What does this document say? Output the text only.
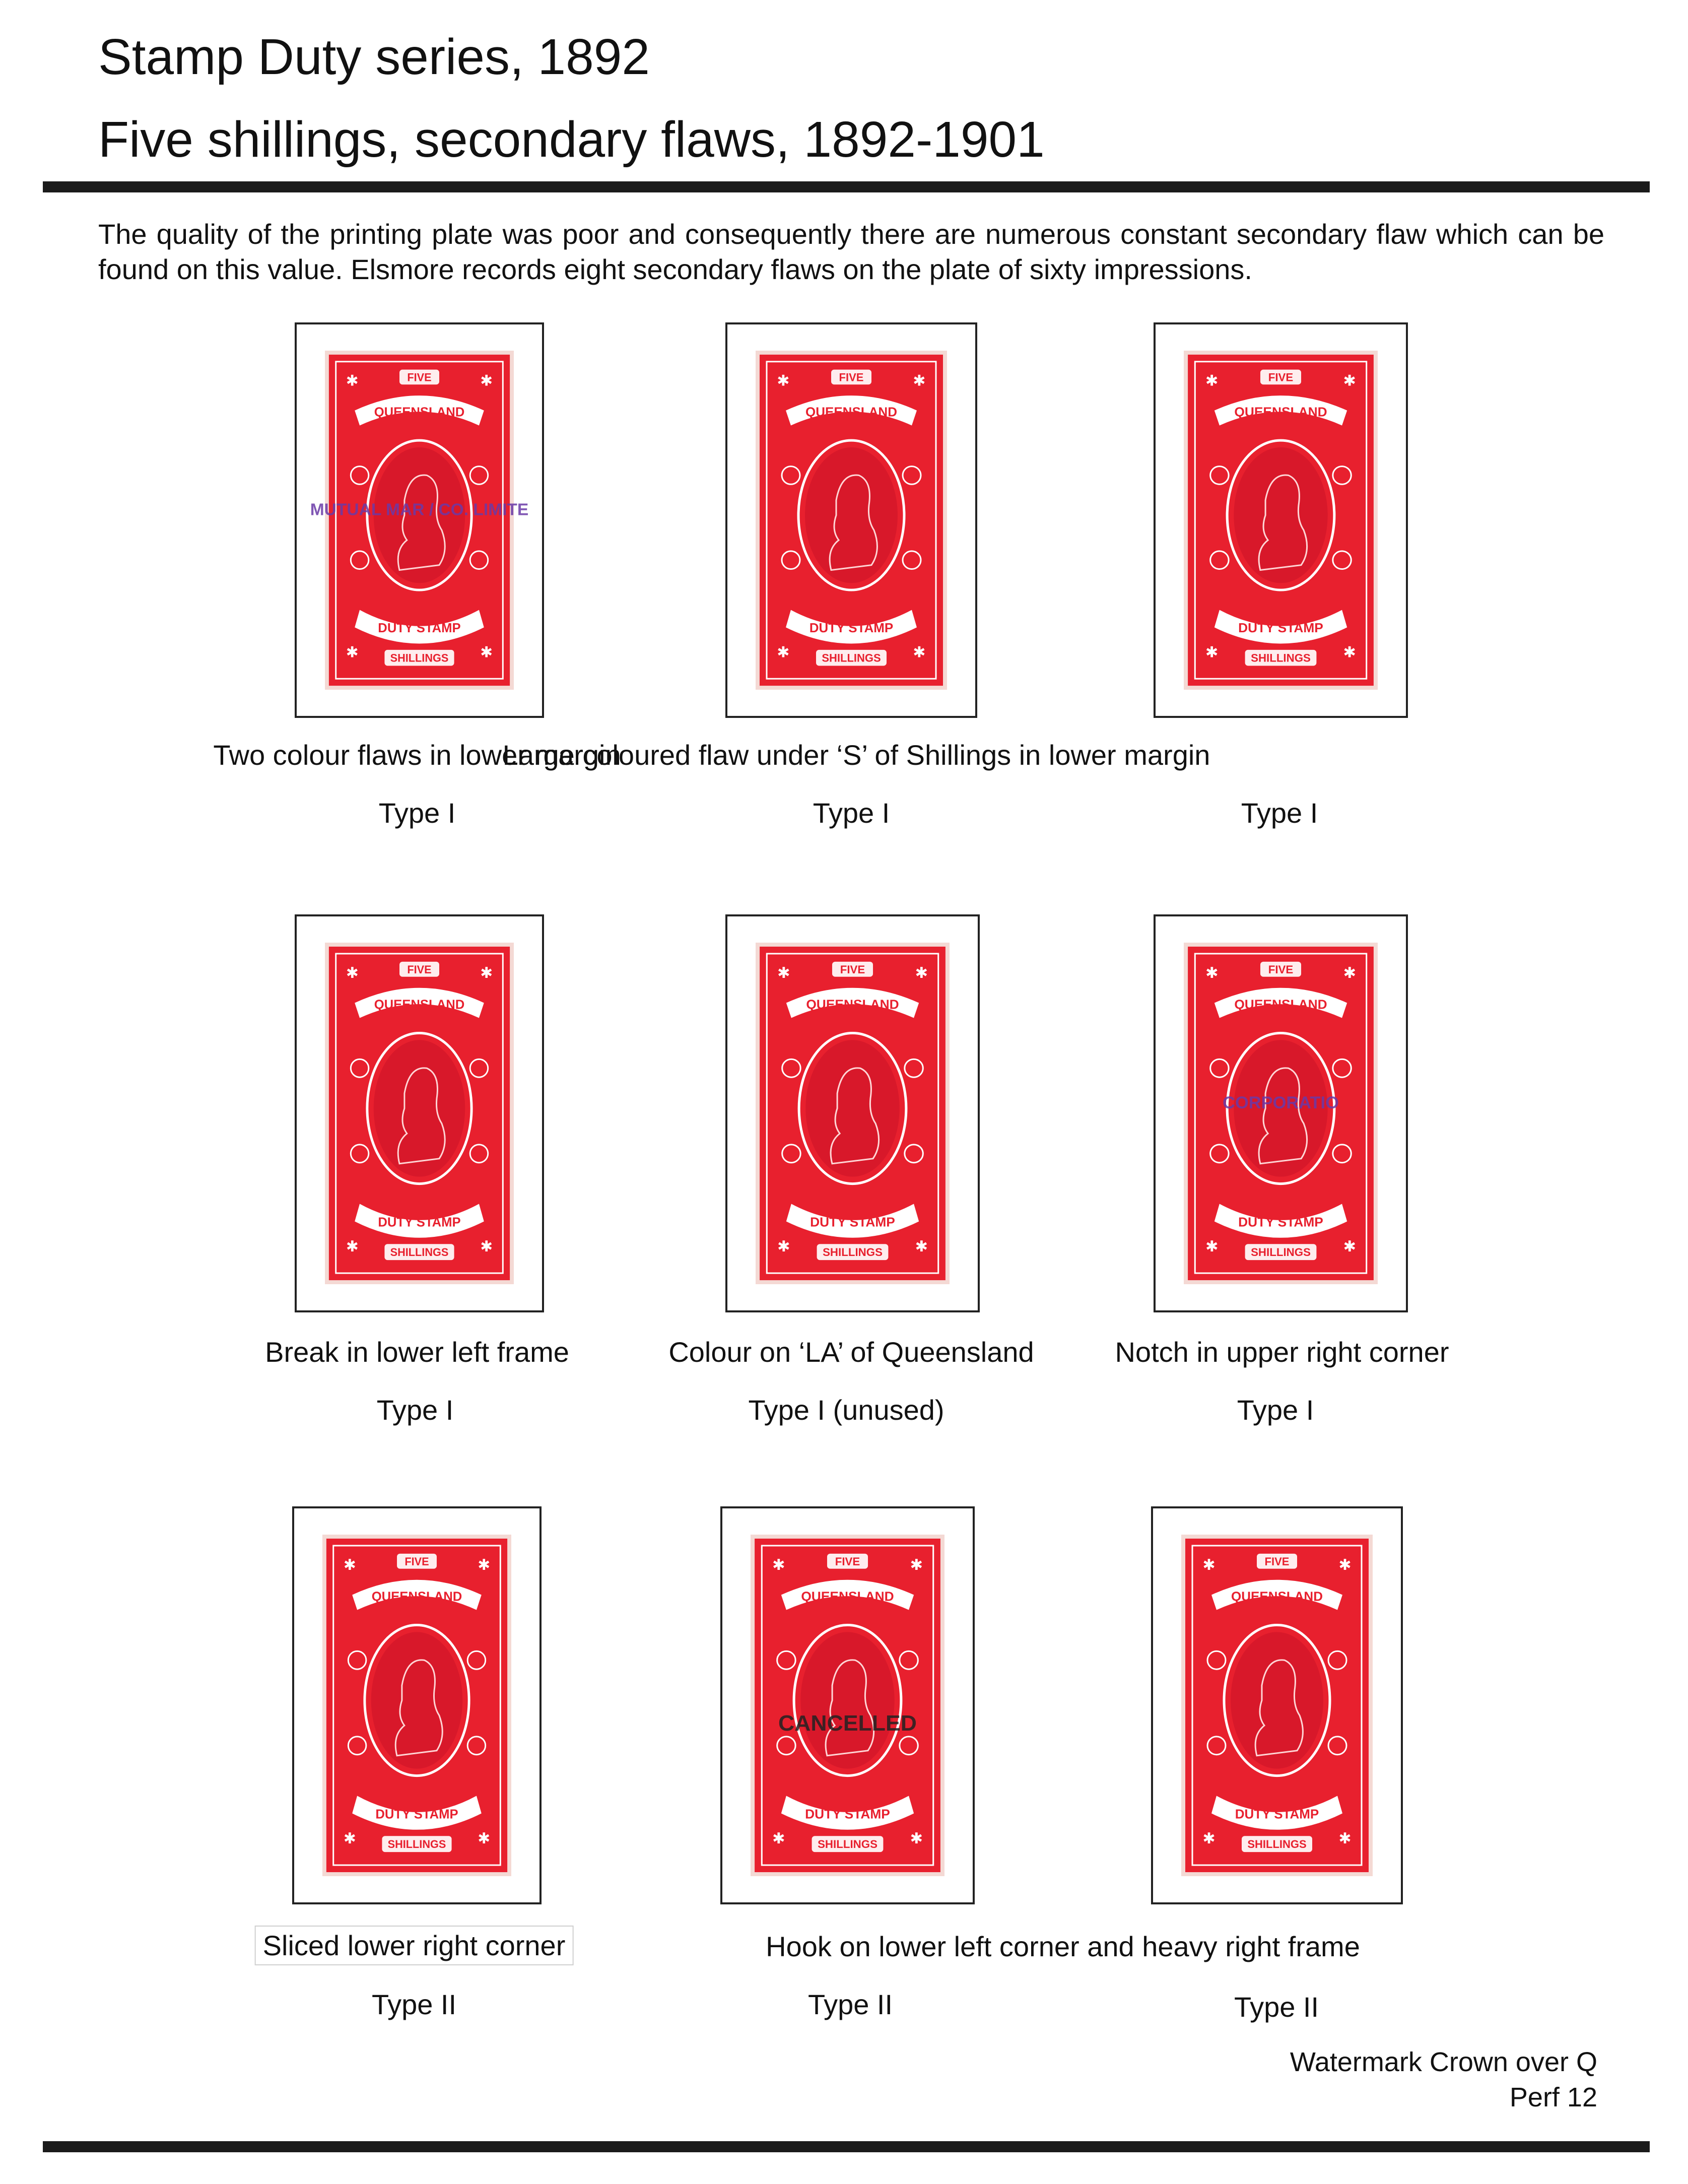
Stamp Duty series, 1892
Five shillings, secondary flaws, 1892-1901
The quality of the printing plate was poor and consequently there are numerous constant secondary flaw which can be found on this value. Elsmore records eight secondary flaws on the plate of sixty impressions.
FIVE
QUEENSLAND
DUTY STAMP
SHILLINGS
✱	✱
✱	✱
MUTUAL MAR / CO. LIMITE
FIVE
QUEENSLAND
DUTY STAMP
SHILLINGS
✱	✱
✱	✱	FIVE
QUEENSLAND
DUTY STAMP
SHILLINGS
✱	✱
✱	✱
FIVE
QUEENSLAND
DUTY STAMP
SHILLINGS
✱	✱
✱	✱	FIVE
QUEENSLAND
DUTY STAMP
SHILLINGS
✱	✱
✱	✱	FIVE
QUEENSLAND
DUTY STAMP
SHILLINGS
✱	✱
✱	✱
CORPORATIO
FIVE
QUEENSLAND
DUTY STAMP
SHILLINGS
✱	✱
✱	✱	FIVE
QUEENSLAND
DUTY STAMP
SHILLINGS
✱	✱
✱	✱
CANCELLED
FIVE
QUEENSLAND
DUTY STAMP
SHILLINGS
✱	✱
✱	✱
Two colour flaws in lower margin
Large coloured flaw under ‘S’ of Shillings in lower margin
Type I	Type I	Type I
Break in lower left frame	Colour on ‘LA’ of Queensland	Notch in upper right corner
Type I	Type I (unused)	Type I
Sliced lower right corner	Hook on lower left corner and heavy right frame
Type II	Type II	Type II
Watermark Crown over Q
Perf 12
